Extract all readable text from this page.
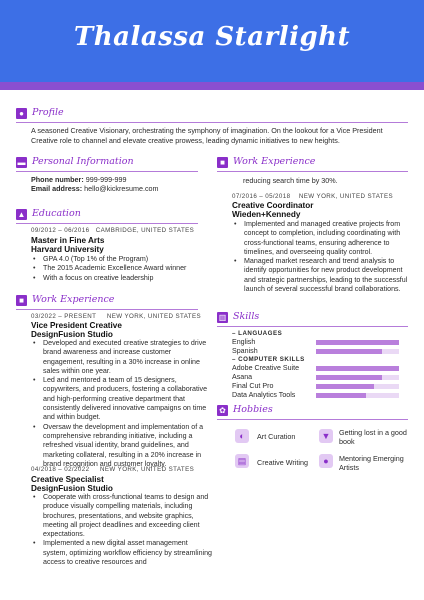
Thalassa Starlight
● Profile
A seasoned Creative Visionary, orchestrating the symphony of imagination. On the lookout for a Vice President Creative role to channel and elevate creative prowess, leading dynamic initiatives to new heights.
▬ Personal Information
Phone number: 999-999-999
Email address: hello@kickresume.com
▲ Education
09/2012 – 06/2016 CAMBRIDGE, UNITED STATES
Master in Fine Arts
Harvard University
• GPA 4.0 (Top 1% of the Program)
• The 2015 Academic Excellence Award winner
• With a focus on creative leadership
■ Work Experience
03/2022 – PRESENT NEW YORK, UNITED STATES
Vice President Creative
DesignFusion Studio
• Developed and executed creative strategies to drive brand awareness and increase customer engagement, resulting in a 30% increase in online sales within one year.
• Led and mentored a team of 15 designers, copywriters, and producers, fostering a collaborative and high-performing creative department that consistently delivered innovative campaigns on time and within budget.
• Oversaw the development and implementation of a comprehensive rebranding initiative, including a refreshed visual identity, brand guidelines, and marketing collateral, resulting in a 20% increase in brand recognition and customer loyalty.
04/2018 – 02/2022 NEW YORK, UNITED STATES
Creative Specialist
DesignFusion Studio
• Cooperate with cross-functional teams to design and produce visually compelling materials, including brochures, presentations, and website graphics, meeting all project deadlines and exceeding client expectations.
• Implemented a new digital asset management system, optimizing workflow efficiency by streamlining access to creative resources and
■ Work Experience
reducing search time by 30%.
07/2016 – 05/2018 NEW YORK, UNITED STATES
Creative Coordinator
Wieden+Kennedy
• Implemented and managed creative projects from concept to completion, including coordinating with cross-functional teams, ensuring adherence to timelines, and overseeing quality control.
• Managed market research and trend analysis to identify opportunities for new product development and strategic partnerships, leading to the successful launch of several successful brand collaborations.
▥ Skills
– LANGUAGES
English
Spanish
– COMPUTER SKILLS
Adobe Creative Suite
Asana
Final Cut Pro
Data Analytics Tools
✿ Hobbies
◐	Art Curation	▼	Getting lost in a good book
▤	Creative Writing	●	Mentoring Emerging Artists
